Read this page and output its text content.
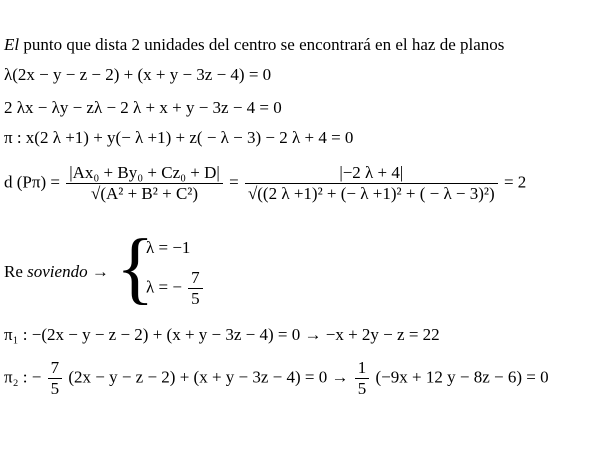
El punto que dista 2 unidades del centro se encontrará en el haz de planos
λ(2x − y − z − 2) + (x + y − 3z − 4) = 0
2 λx − λy − zλ − 2 λ + x + y − 3z − 4 = 0
π : x(2 λ +1) + y(− λ +1) + z( − λ − 3) − 2 λ + 4 = 0
d $(P\pi) = \frac{\text{|Ax₀ + By₀ + Cz₀ + D|}}{\text{√(A² + B² + C²)}} = \frac{|-2 \lambda + 4|}{\text{√((2 λ +1)² + (− λ +1)² + ( − λ − 3)²)}} = 2$
Re soviendo → {
λ = −1
λ = − $\frac{7}{5}$
π₁ : −(2x − y − z − 2) + (x + y − 3z − 4) = 0 → −x + 2y − z = 22
π₂ : − $\frac{7}{5} (2x - y - z - 2) + (x + y - 3z - 4) = 0 \to \frac{1}{5} (-9x + 12$ y − 8z − 6) = 0
